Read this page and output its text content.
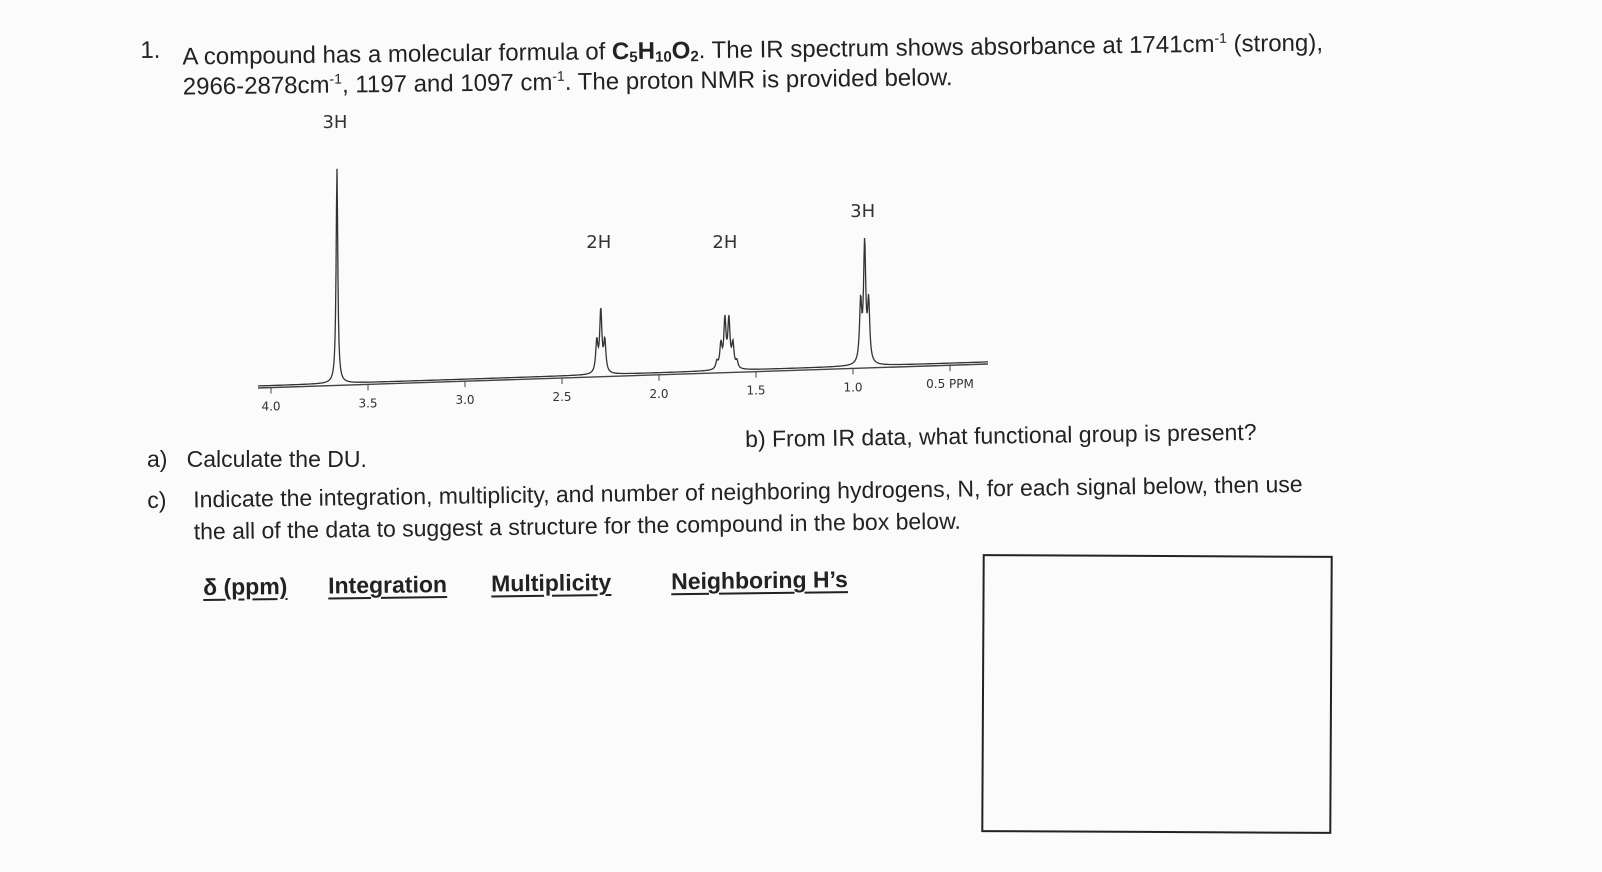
1. A compound has a molecular formula of $C_5H_{10}O_2$. The IR spectrum shows absorbance at $1741cm^{-1}$ (strong),
$2966-2878cm^{-1}$, 1197 and 1097 $cm^{-1}$. The proton NMR is provided below.
4.0	3.5	3.0	2.5	2.0	1.5	1.0	0.5 PPM
3H
2H	2H
3H
a) Calculate the DU.
b) From IR data, what functional group is present?
c) Indicate the integration, multiplicity, and number of neighboring hydrogens, N, for each signal below, then use
the all of the data to suggest a structure for the compound in the box below.
δ (ppm) Integration Multiplicity	Neighboring H’s
